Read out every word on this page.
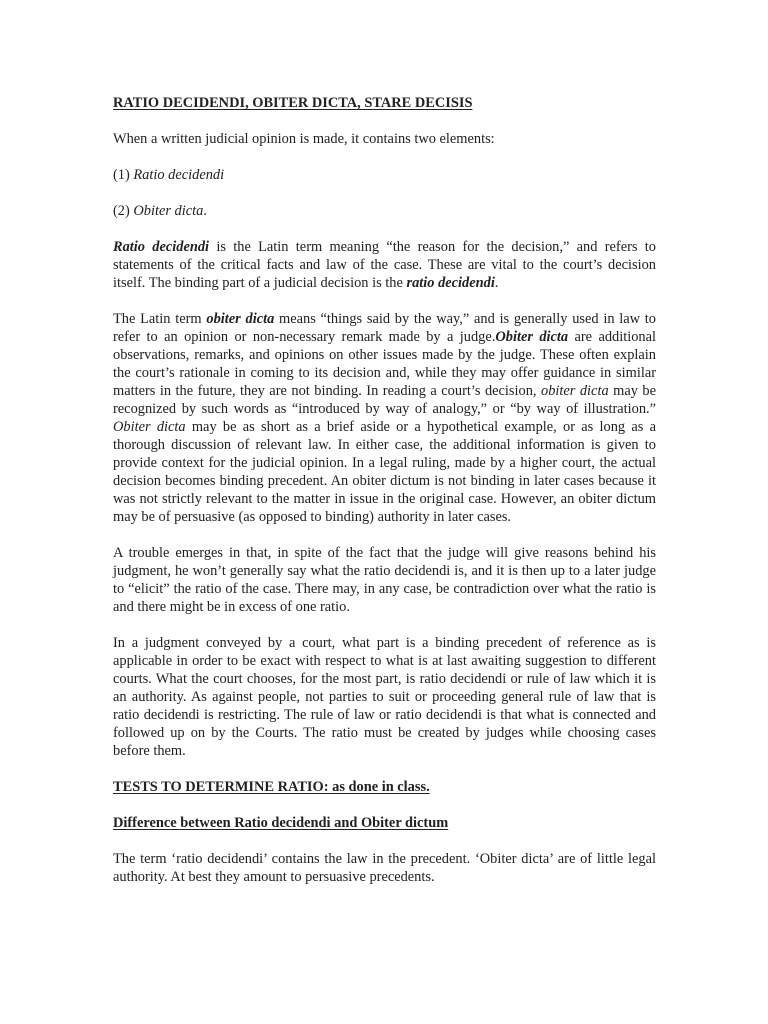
RATIO DECIDENDI, OBITER DICTA, STARE DECISIS

When a written judicial opinion is made, it contains two elements:

(1) Ratio decidendi

(2) Obiter dicta.

Ratio decidendi is the Latin term meaning “the reason for the decision,” and refers to statements of the critical facts and law of the case. These are vital to the court’s decision itself. The binding part of a judicial decision is the ratio decidendi.

The Latin term obiter dicta means “things said by the way,” and is generally used in law to refer to an opinion or non-necessary remark made by a judge.Obiter dicta are additional observations, remarks, and opinions on other issues made by the judge. These often explain the court’s rationale in coming to its decision and, while they may offer guidance in similar matters in the future, they are not binding. In reading a court’s decision, obiter dicta may be recognized by such words as “introduced by way of analogy,” or “by way of illustration.” Obiter dicta may be as short as a brief aside or a hypothetical example, or as long as a thorough discussion of relevant law. In either case, the additional information is given to provide context for the judicial opinion. In a legal ruling, made by a higher court, the actual decision becomes binding precedent. An obiter dictum is not binding in later cases because it was not strictly relevant to the matter in issue in the original case. However, an obiter dictum may be of persuasive (as opposed to binding) authority in later cases.

A trouble emerges in that, in spite of the fact that the judge will give reasons behind his judgment, he won’t generally say what the ratio decidendi is, and it is then up to a later judge to “elicit” the ratio of the case. There may, in any case, be contradiction over what the ratio is and there might be in excess of one ratio.

In a judgment conveyed by a court, what part is a binding precedent of reference as is applicable in order to be exact with respect to what is at last awaiting suggestion to different courts. What the court chooses, for the most part, is ratio decidendi or rule of law which it is an authority. As against people, not parties to suit or proceeding general rule of law that is ratio decidendi is restricting. The rule of law or ratio decidendi is that what is connected and followed up on by the Courts. The ratio must be created by judges while choosing cases before them.

TESTS TO DETERMINE RATIO: as done in class.
Difference between Ratio decidendi and Obiter dictum

The term ‘ratio decidendi’ contains the law in the precedent. ‘Obiter dicta’ are of little legal authority. At best they amount to persuasive precedents.
